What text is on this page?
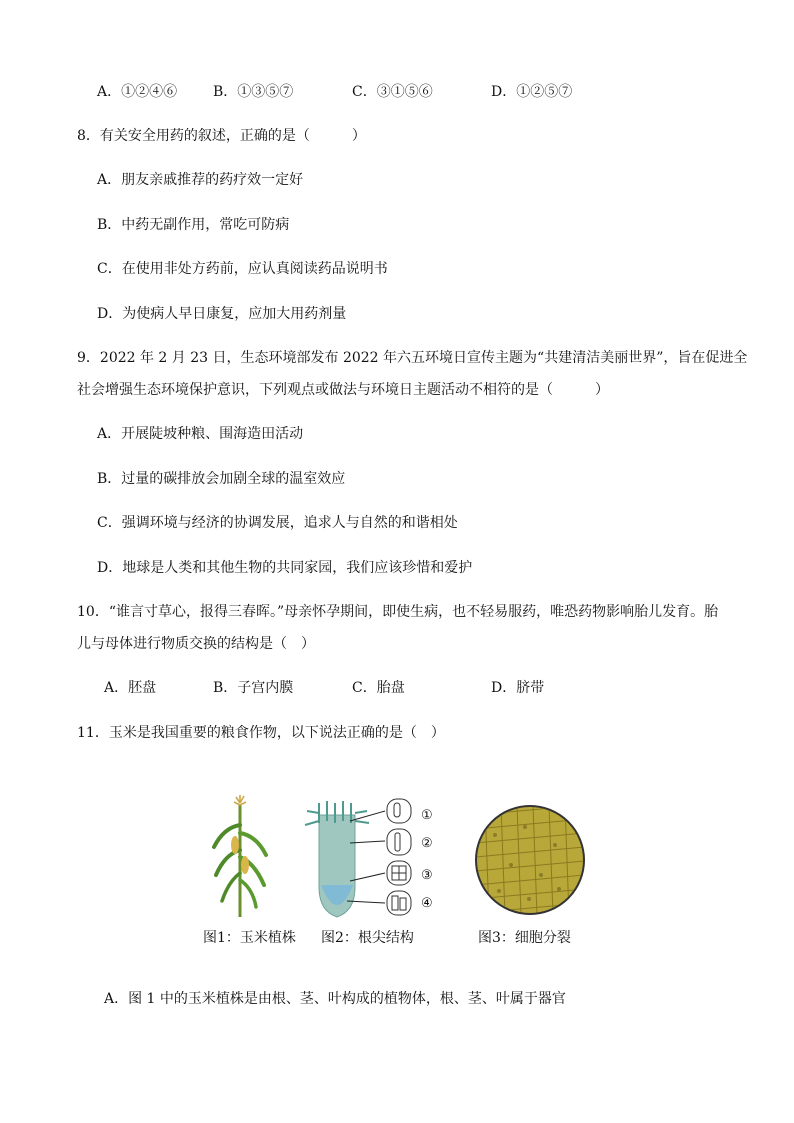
A．①②④⑥	B．①③⑤⑦	C．③①⑤⑥	D．①②⑤⑦
8．有关安全用药的叙述，正确的是（　　　）
A．朋友亲戚推荐的药疗效一定好
B．中药无副作用，常吃可防病
C．在使用非处方药前，应认真阅读药品说明书
D．为使病人早日康复，应加大用药剂量
9．2022 年 2 月 23 日，生态环境部发布 2022 年六五环境日宣传主题为“共建清洁美丽世界”，旨在促进全
社会增强生态环境保护意识，下列观点或做法与环境日主题活动不相符的是（　　　）
A．开展陡坡种粮、围海造田活动
B．过量的碳排放会加剧全球的温室效应
C．强调环境与经济的协调发展，追求人与自然的和谐相处
D．地球是人类和其他生物的共同家园，我们应该珍惜和爱护
10．“谁言寸草心，报得三春晖。”母亲怀孕期间，即使生病，也不轻易服药，唯恐药物影响胎儿发育。胎
儿与母体进行物质交换的结构是（　）
A．胚盘	B．子宫内膜	C．胎盘	D．脐带
11．玉米是我国重要的粮食作物，以下说法正确的是（　）
①
②
③
④
图1：玉米植株 图2：根尖结构	图3：细胞分裂
A．图 1 中的玉米植株是由根、茎、叶构成的植物体，根、茎、叶属于器官
